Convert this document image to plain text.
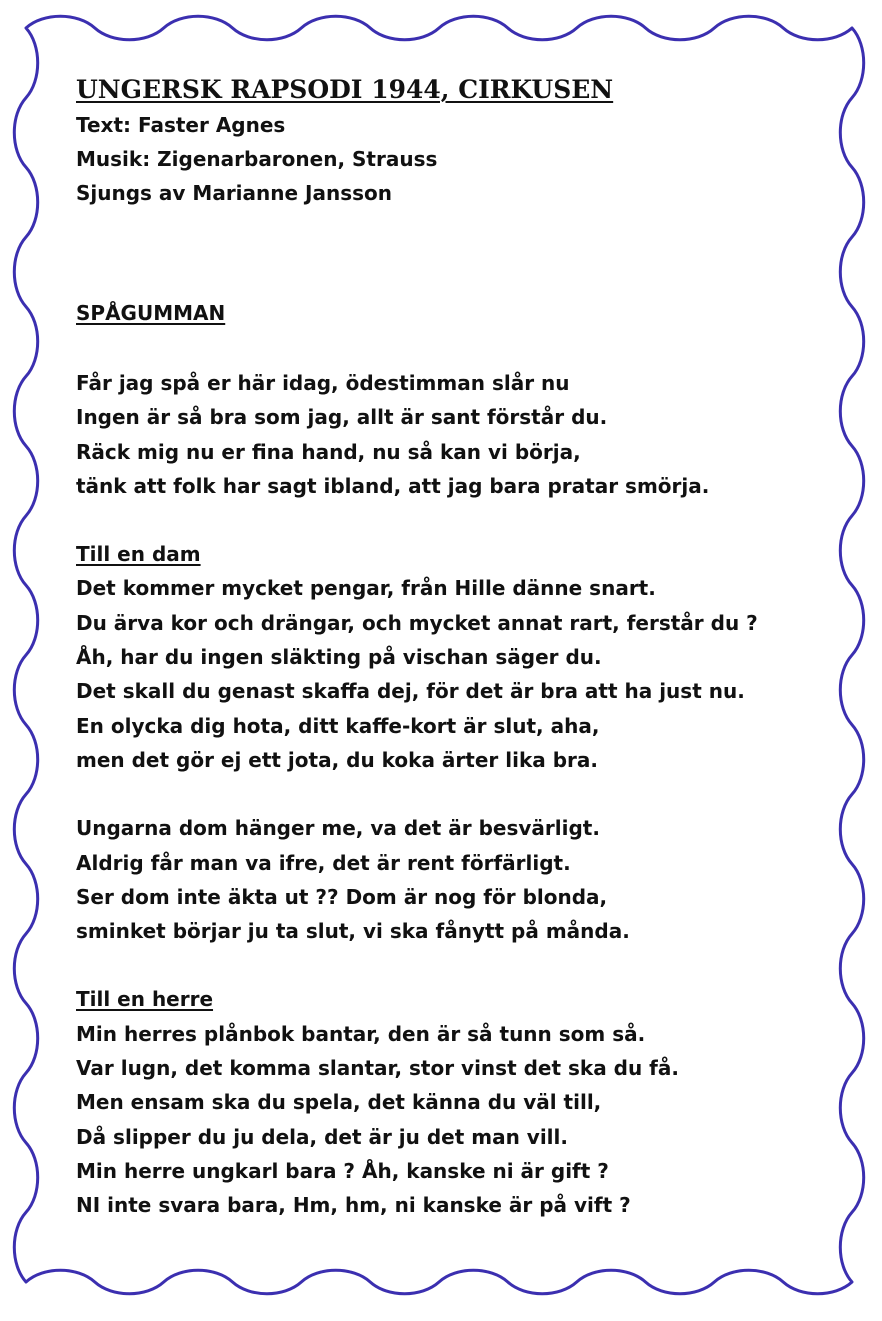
UNGERSK RAPSODI 1944, CIRKUSEN
Text: Faster Agnes
Musik: Zigenarbaronen, Strauss
Sjungs av Marianne Jansson
SPÅGUMMAN
Får jag spå er här idag, ödestimman slår nu
Ingen är så bra som jag, allt är sant förstår du.
Räck mig nu er fina hand, nu så kan vi börja,
tänk att folk har sagt ibland, att jag bara pratar smörja.
Till en dam
Det kommer mycket pengar, från Hille dänne snart.
Du ärva kor och drängar, och mycket annat rart, ferstår du ?
Åh, har du ingen släkting på vischan säger du.
Det skall du genast skaffa dej, för det är bra att ha just nu.
En olycka dig hota, ditt kaffe-kort är slut, aha,
men det gör ej ett jota, du koka ärter lika bra.
Ungarna dom hänger me, va det är besvärligt.
Aldrig får man va ifre, det är rent förfärligt.
Ser dom inte äkta ut ?? Dom är nog för blonda,
sminket börjar ju ta slut, vi ska fånytt på månda.
Till en herre
Min herres plånbok bantar, den är så tunn som så.
Var lugn, det komma slantar, stor vinst det ska du få.
Men ensam ska du spela, det känna du väl till,
Då slipper du ju dela, det är ju det man vill.
Min herre ungkarl bara ? Åh, kanske ni är gift ?
NI inte svara bara, Hm, hm, ni kanske är på vift ?
